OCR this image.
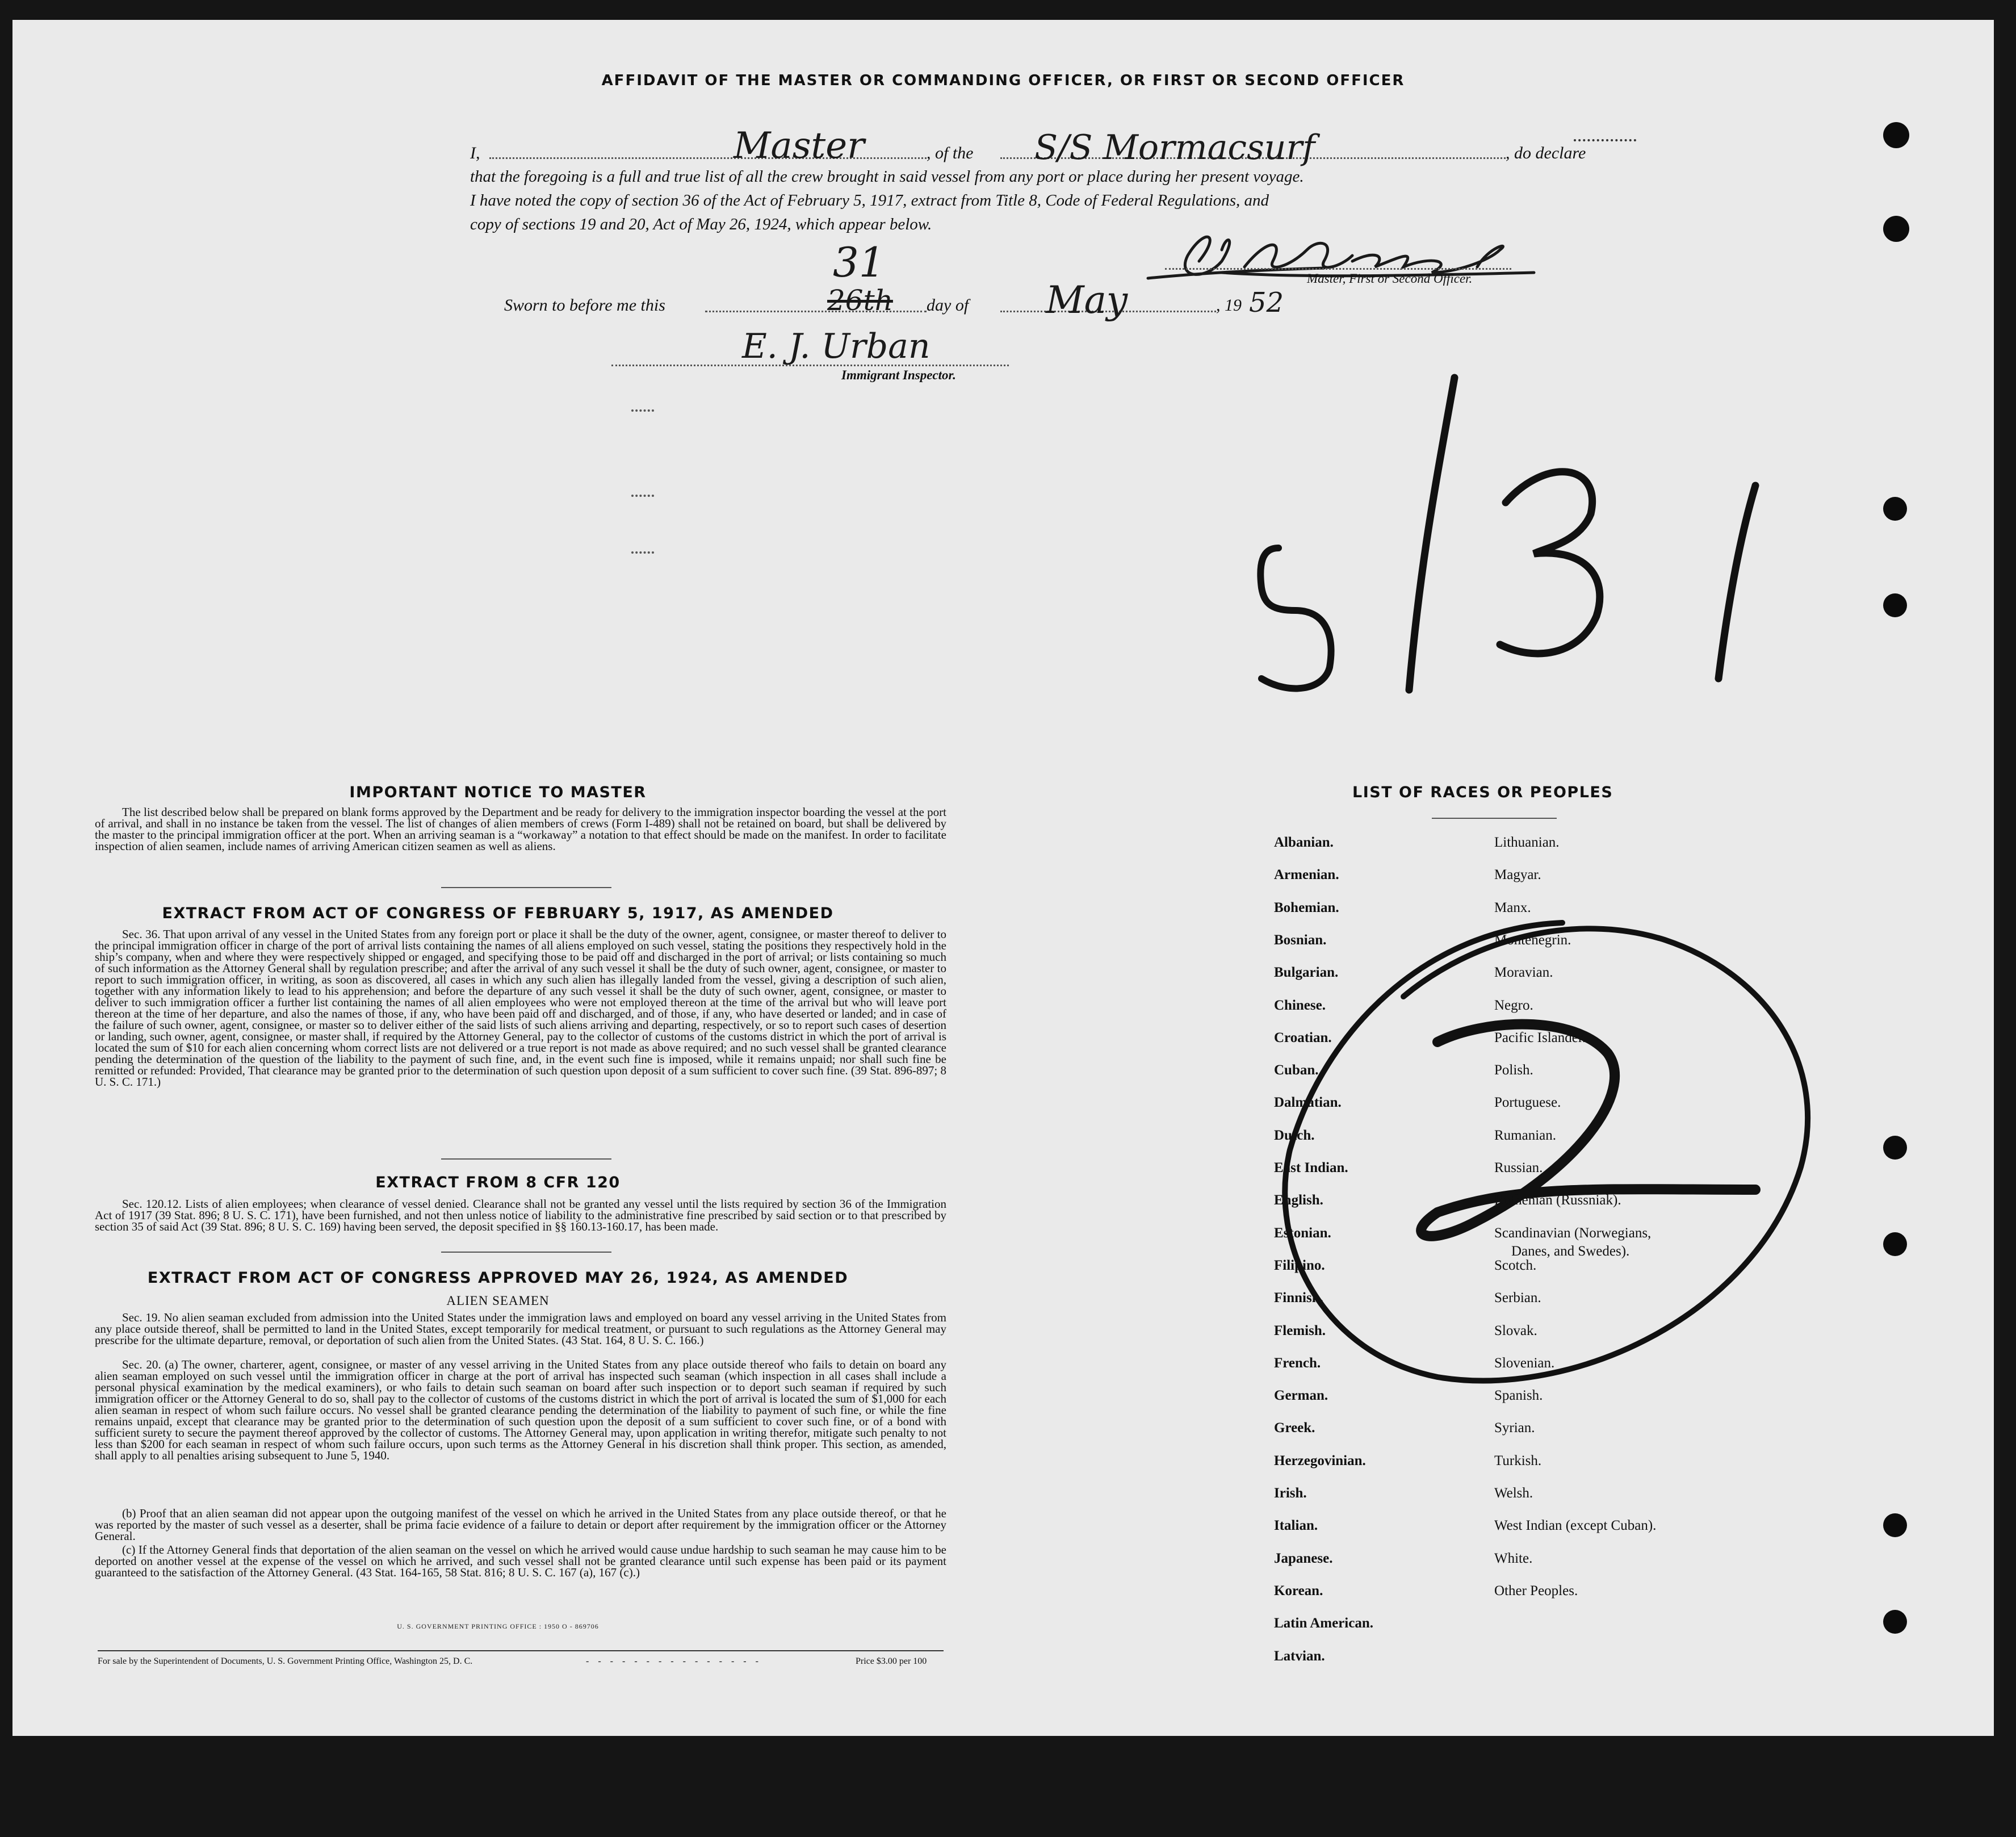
AFFIDAVIT OF THE MASTER OR COMMANDING OFFICER, OR FIRST OR SECOND OFFICER
I,	Master	, of the S/S Mormacsurf	, do declare
that the foregoing is a full and true list of all the crew brought in said vessel from any port or place during her present voyage.
I have noted the copy of section 36 of the Act of February 5, 1917, extract from Title 8, Code of Federal Regulations, and
copy of sections 19 and 20, Act of May 26, 1924, which appear below.
Master, First or Second Officer.
Sworn to before me this
31
26th day of May	, 19 52
E. J. Urban
Immigrant Inspector.
IMPORTANT NOTICE TO MASTER
The list described below shall be prepared on blank forms approved by the Department and be ready for delivery to the immigration inspector boarding the vessel at the port of arrival, and shall in no instance be taken from the vessel. The list of changes of alien members of crews (Form I-489) shall not be retained on board, but shall be delivered by the master to the principal immigration officer at the port. When an arriving seaman is a “workaway” a notation to that effect should be made on the manifest. In order to facilitate inspection of alien seamen, include names of arriving American citizen seamen as well as aliens.
EXTRACT FROM ACT OF CONGRESS OF FEBRUARY 5, 1917, AS AMENDED
Sec. 36. That upon arrival of any vessel in the United States from any foreign port or place it shall be the duty of the owner, agent, consignee, or master thereof to deliver to the principal immigration officer in charge of the port of arrival lists containing the names of all aliens employed on such vessel, stating the positions they respectively hold in the ship’s company, when and where they were respectively shipped or engaged, and specifying those to be paid off and discharged in the port of arrival; or lists containing so much of such information as the Attorney General shall by regulation prescribe; and after the arrival of any such vessel it shall be the duty of such owner, agent, consignee, or master to report to such immigration officer, in writing, as soon as discovered, all cases in which any such alien has illegally landed from the vessel, giving a description of such alien, together with any information likely to lead to his apprehension; and before the departure of any such vessel it shall be the duty of such owner, agent, consignee, or master to deliver to such immigration officer a further list containing the names of all alien employees who were not employed thereon at the time of the arrival but who will leave port thereon at the time of her departure, and also the names of those, if any, who have been paid off and discharged, and of those, if any, who have deserted or landed; and in case of the failure of such owner, agent, consignee, or master so to deliver either of the said lists of such aliens arriving and departing, respectively, or so to report such cases of desertion or landing, such owner, agent, consignee, or master shall, if required by the Attorney General, pay to the collector of customs of the customs district in which the port of arrival is located the sum of $10 for each alien concerning whom correct lists are not delivered or a true report is not made as above required; and no such vessel shall be granted clearance pending the determination of the question of the liability to the payment of such fine, and, in the event such fine is imposed, while it remains unpaid; nor shall such fine be remitted or refunded: Provided, That clearance may be granted prior to the determination of such question upon deposit of a sum sufficient to cover such fine. (39 Stat. 896-897; 8 U. S. C. 171.)
EXTRACT FROM 8 CFR 120
Sec. 120.12. Lists of alien employees; when clearance of vessel denied. Clearance shall not be granted any vessel until the lists required by section 36 of the Immigration Act of 1917 (39 Stat. 896; 8 U. S. C. 171), have been furnished, and not then unless notice of liability to the administrative fine prescribed by said section or to that prescribed by section 35 of said Act (39 Stat. 896; 8 U. S. C. 169) having been served, the deposit specified in §§ 160.13-160.17, has been made.
EXTRACT FROM ACT OF CONGRESS APPROVED MAY 26, 1924, AS AMENDED
ALIEN SEAMEN
Sec. 19. No alien seaman excluded from admission into the United States under the immigration laws and employed on board any vessel arriving in the United States from any place outside thereof, shall be permitted to land in the United States, except temporarily for medical treatment, or pursuant to such regulations as the Attorney General may prescribe for the ultimate departure, removal, or deportation of such alien from the United States. (43 Stat. 164, 8 U. S. C. 166.)
Sec. 20. (a) The owner, charterer, agent, consignee, or master of any vessel arriving in the United States from any place outside thereof who fails to detain on board any alien seaman employed on such vessel until the immigration officer in charge at the port of arrival has inspected such seaman (which inspection in all cases shall include a personal physical examination by the medical examiners), or who fails to detain such seaman on board after such inspection or to deport such seaman if required by such immigration officer or the Attorney General to do so, shall pay to the collector of customs of the customs district in which the port of arrival is located the sum of $1,000 for each alien seaman in respect of whom such failure occurs. No vessel shall be granted clearance pending the determination of the liability to payment of such fine, or while the fine remains unpaid, except that clearance may be granted prior to the determination of such question upon the deposit of a sum sufficient to cover such fine, or of a bond with sufficient surety to secure the payment thereof approved by the collector of customs. The Attorney General may, upon application in writing therefor, mitigate such penalty to not less than $200 for each seaman in respect of whom such failure occurs, upon such terms as the Attorney General in his discretion shall think proper. This section, as amended, shall apply to all penalties arising subsequent to June 5, 1940.
(b) Proof that an alien seaman did not appear upon the outgoing manifest of the vessel on which he arrived in the United States from any place outside thereof, or that he was reported by the master of such vessel as a deserter, shall be prima facie evidence of a failure to detain or deport after requirement by the immigration officer or the Attorney General.
(c) If the Attorney General finds that deportation of the alien seaman on the vessel on which he arrived would cause undue hardship to such seaman he may cause him to be deported on another vessel at the expense of the vessel on which he arrived, and such vessel shall not be granted clearance until such expense has been paid or its payment guaranteed to the satisfaction of the Attorney General. (43 Stat. 164-165, 58 Stat. 816; 8 U. S. C. 167 (a), 167 (c).)
U. S. GOVERNMENT PRINTING OFFICE : 1950 O - 869706
For sale by the Superintendent of Documents, U. S. Government Printing Office, Washington 25, D. C.	- - - - - - - - - - - - - - -	Price $3.00 per 100
LIST OF RACES OR PEOPLES
Albanian.
Armenian.
Bohemian.
Bosnian.
Bulgarian.
Chinese.
Croatian.
Cuban.
Dalmatian.
Dutch.
East Indian.
English.
Estonian.
Filipino.
Finnish.
Flemish.
French.
German.
Greek.
Herzegovinian.
Irish.
Italian.
Japanese.
Korean.
Latin American.
Latvian.
Lithuanian.
Magyar.
Manx.
Montenegrin.
Moravian.
Negro.
Pacific Islander.
Polish.
Portuguese.
Rumanian.
Russian.
Ruthenian (Russniak).
Scandinavian (Norwegians,
Danes, and Swedes).
Scotch.
Serbian.
Slovak.
Slovenian.
Spanish.
Syrian.
Turkish.
Welsh.
West Indian (except Cuban).
White.
Other Peoples.
